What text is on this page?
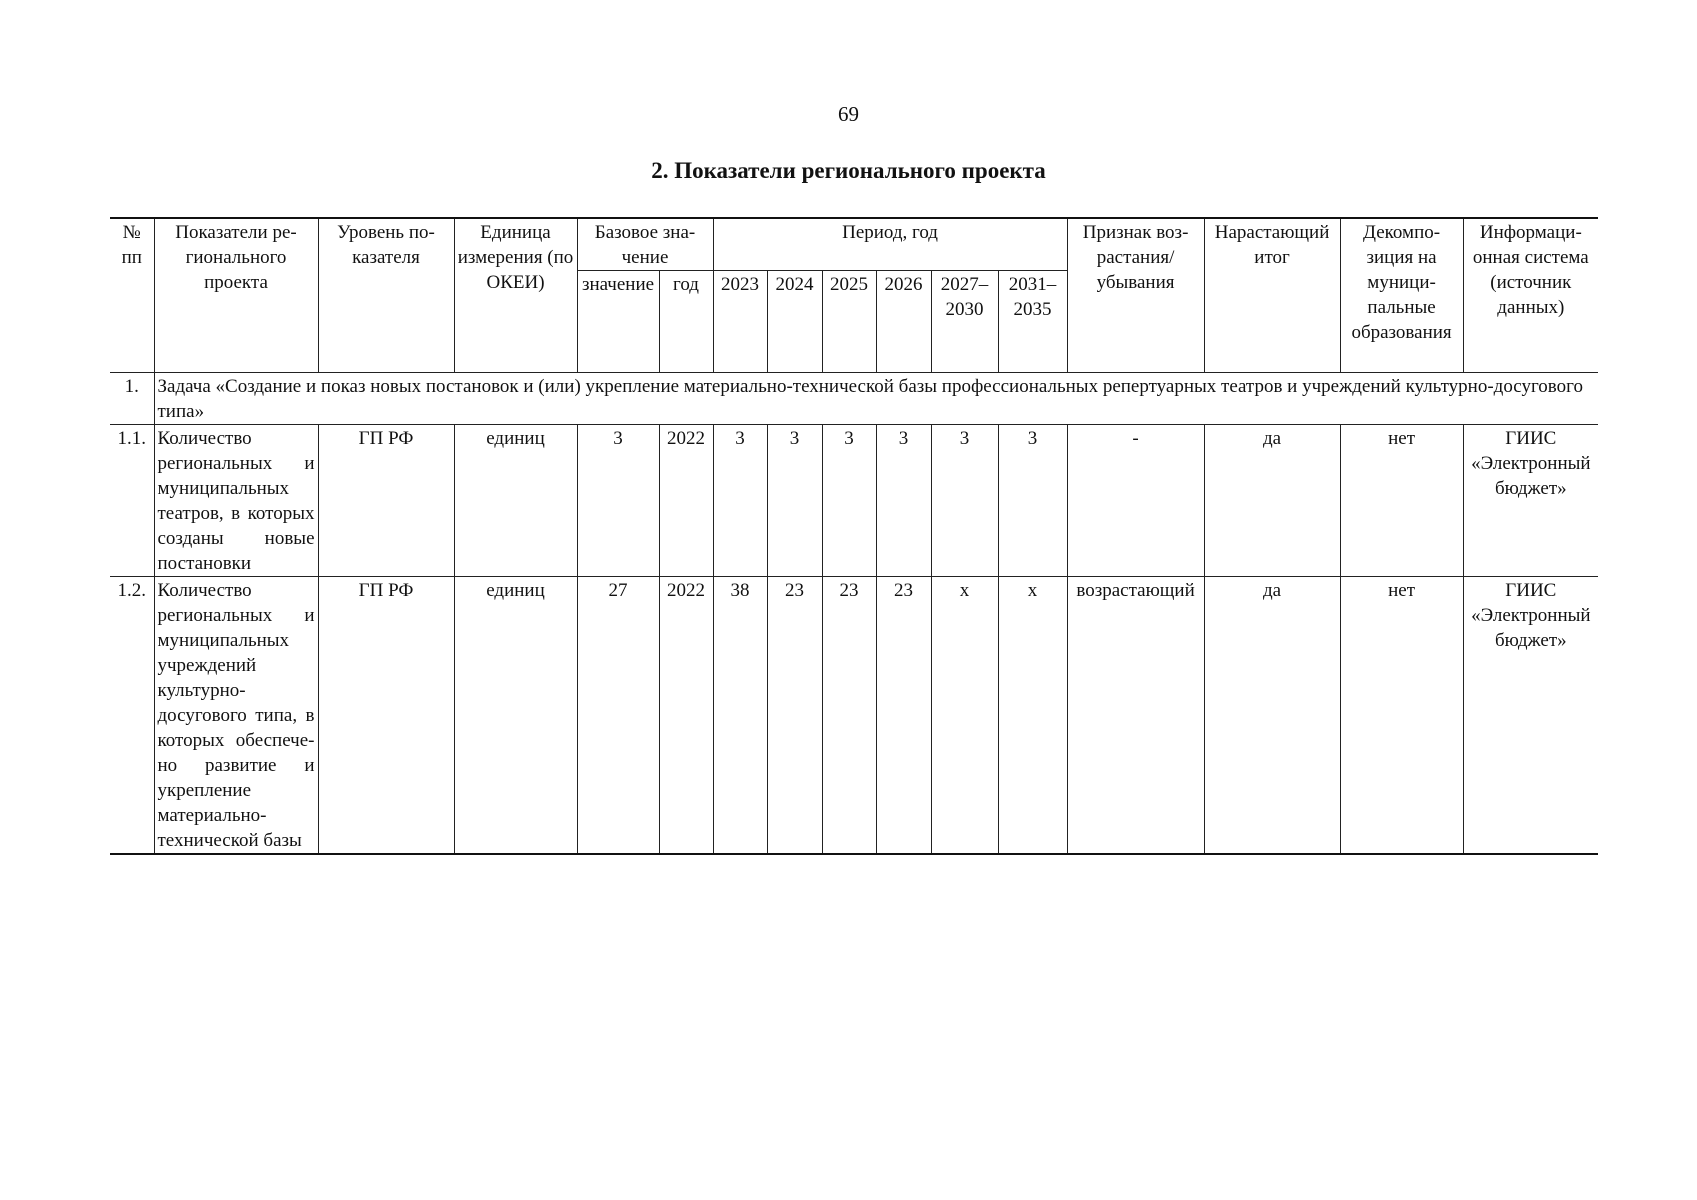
69
2. Показатели регионального проекта
№ пп	Показатели регионального проекта	Уровень показателя	Единица измерения (по ОКЕИ)	Базовое значение		Период, год						Признак возрастания/ убывания	Нарастающий итог	Декомпозиция на муниципальные образования	Информационная система (источник данных)
				значение	год	2023	2024	2025	2026	2027–2030	2031–2035				
1.	Задача «Создание и показ новых постановок и (или) укрепление материально-технической базы профессиональных репертуарных театров и учреждений культурно-досугового типа»														
1.1.	Количество региональных и муниципальных театров, в которых созданы новые постановки	ГП РФ	единиц	3	2022	3	3	3	3	3	3	-	да	нет	ГИИС
«Электронный бюджет»

1.2.	Количество региональных и муниципальных учреждений культурно-досугового типа, в которых обеспечено развитие и укрепление материально-технической базы	ГП РФ	единиц	27	2022	38	23	23	23	x	x	возрастающий	да	нет	ГИИС
«Электронный бюджет»
